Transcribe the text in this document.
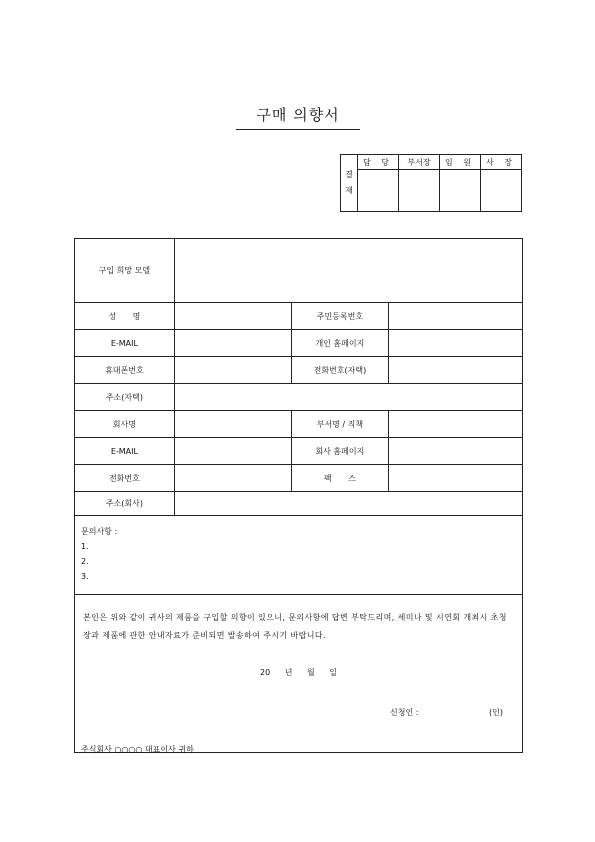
구매 의향서
결
재	담 당	부서장	임 원	사 장

구입 희망 모델			
성 명		주민등록번호	
E-MAIL		개인 홈페이지	
휴대폰번호		전화번호(자택)	
주소(자택)			
회사명		부서명 / 직책	
E-MAIL		회사 홈페이지	
전화번호		팩 스	
주소(회사)			

문의사항 :
1.
2.
3.			

본인은 위와 같이 귀사의 제품을 구입할 의향이 있으니, 문의사항에 답변 부탁드리며, 세미나 및 시연회 개최시 초청장과 제품에 관한 안내자료가 준비되면 발송하여 주시기 바랍니다.
20 년 월 일
신청인 : (인)
주식회사 ○○○○ 대표이사 귀하			
